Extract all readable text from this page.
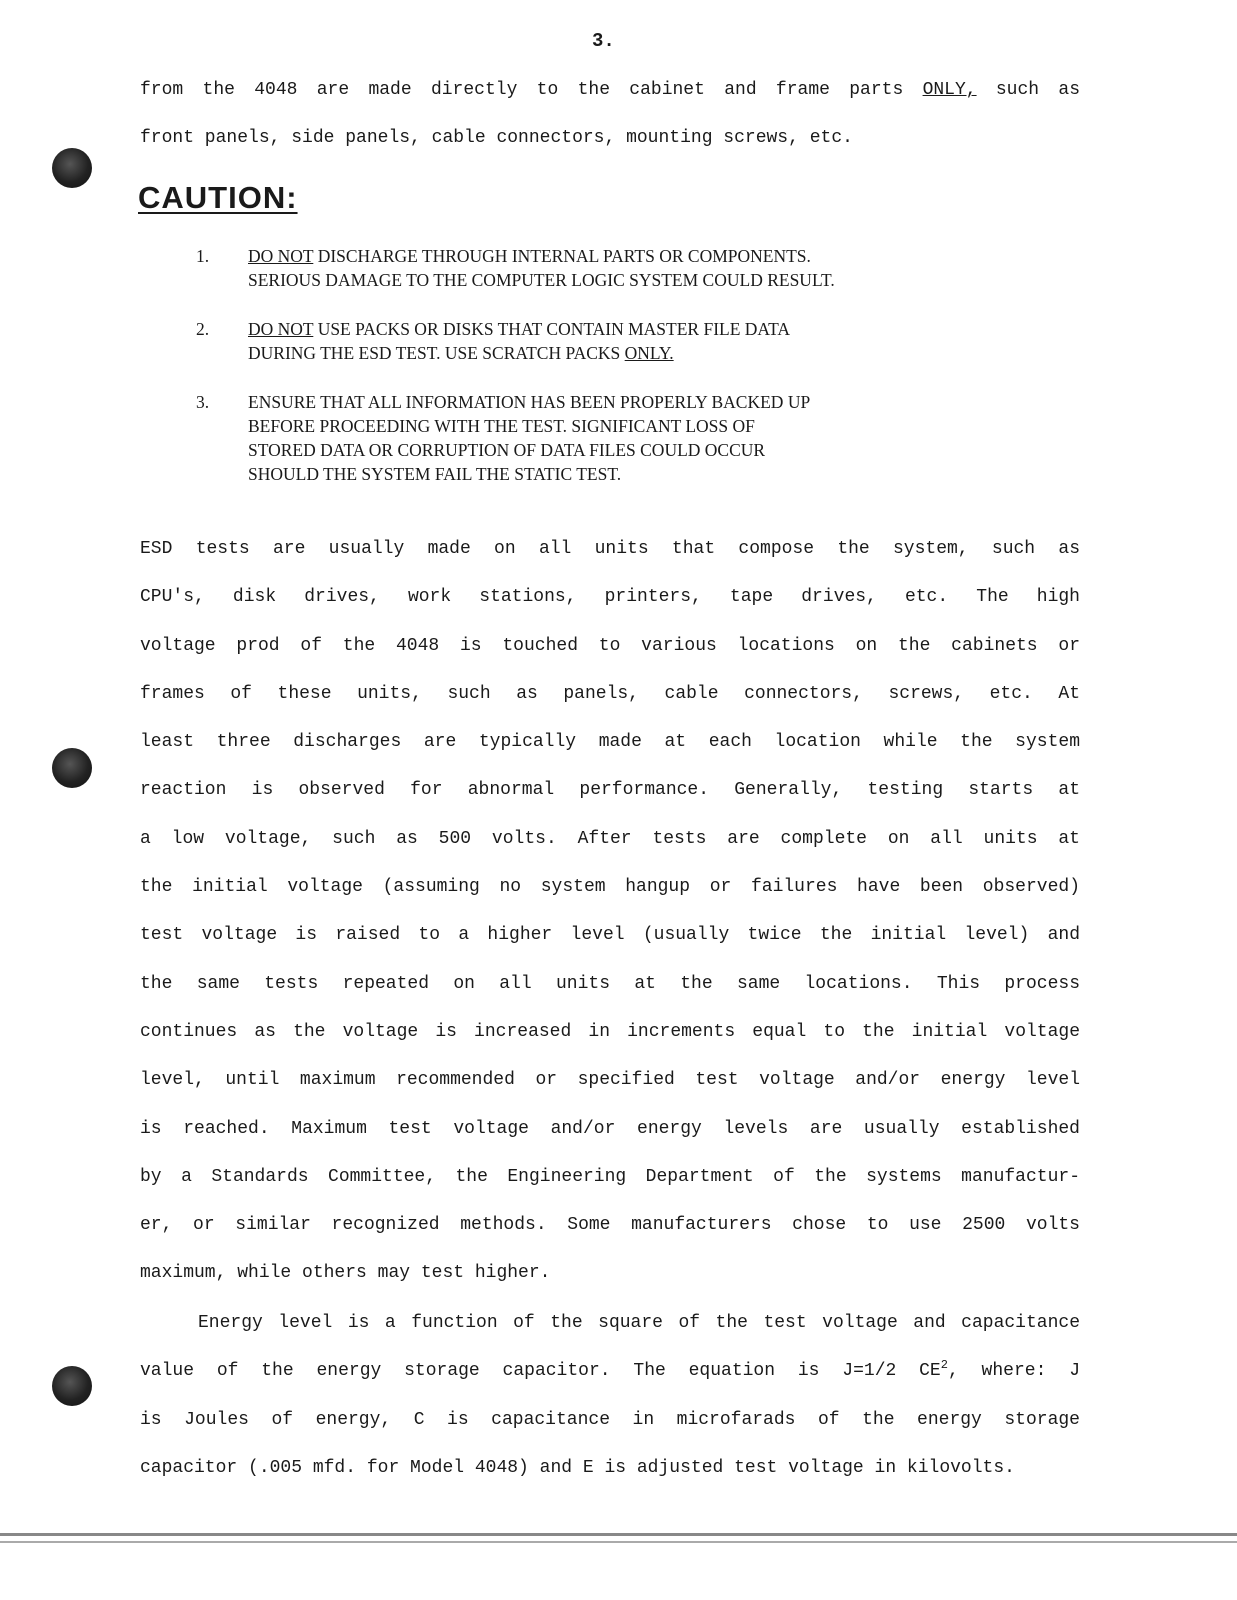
3.
from the 4048 are made directly to the cabinet and frame parts ONLY, such as
front panels, side panels, cable connectors, mounting screws, etc.
CAUTION:
1. DO NOT DISCHARGE THROUGH INTERNAL PARTS OR COMPONENTS.
SERIOUS DAMAGE TO THE COMPUTER LOGIC SYSTEM COULD RESULT.
2. DO NOT USE PACKS OR DISKS THAT CONTAIN MASTER FILE DATA
DURING THE ESD TEST. USE SCRATCH PACKS ONLY.
3. ENSURE THAT ALL INFORMATION HAS BEEN PROPERLY BACKED UP
BEFORE PROCEEDING WITH THE TEST. SIGNIFICANT LOSS OF
STORED DATA OR CORRUPTION OF DATA FILES COULD OCCUR
SHOULD THE SYSTEM FAIL THE STATIC TEST.
ESD tests are usually made on all units that compose the system, such as
CPU's, disk drives, work stations, printers, tape drives, etc. The high
voltage prod of the 4048 is touched to various locations on the cabinets or
frames of these units, such as panels, cable connectors, screws, etc. At
least three discharges are typically made at each location while the system
reaction is observed for abnormal performance. Generally, testing starts at
a low voltage, such as 500 volts. After tests are complete on all units at
the initial voltage (assuming no system hangup or failures have been observed)
test voltage is raised to a higher level (usually twice the initial level) and
the same tests repeated on all units at the same locations. This process
continues as the voltage is increased in increments equal to the initial voltage
level, until maximum recommended or specified test voltage and/or energy level
is reached. Maximum test voltage and/or energy levels are usually established
by a Standards Committee, the Engineering Department of the systems manufactur-
er, or similar recognized methods. Some manufacturers chose to use 2500 volts
maximum, while others may test higher.
Energy level is a function of the square of the test voltage and capacitance
value of the energy storage capacitor. The equation is J=1/2 $CE^2$, where: J
is Joules of energy, C is capacitance in microfarads of the energy storage
capacitor (.005 mfd. for Model 4048) and E is adjusted test voltage in kilovolts.
